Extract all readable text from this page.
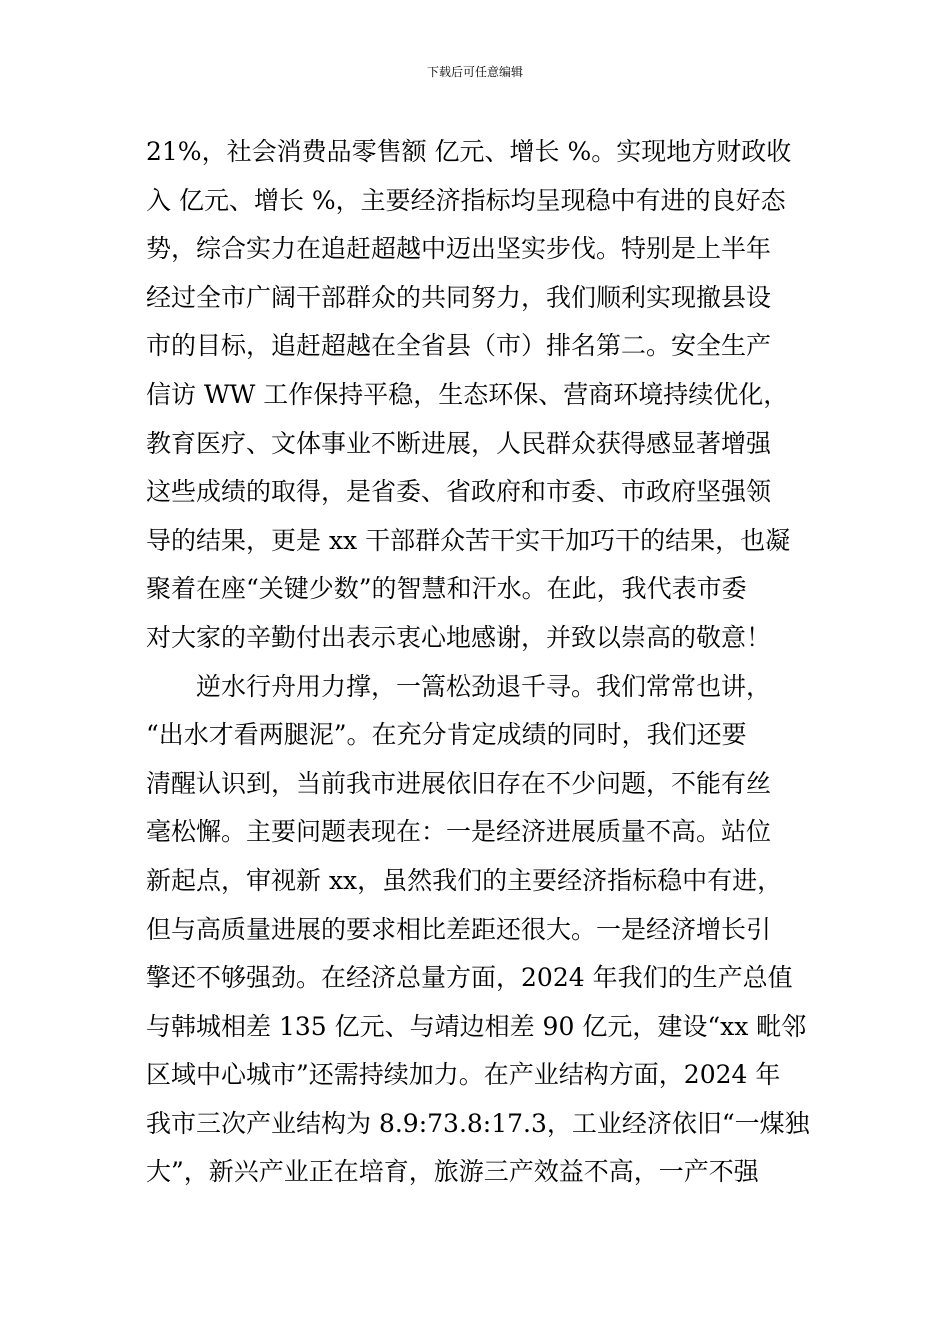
下载后可任意编辑
21%，社会消费品零售额 亿元、增长 %。实现地方财政收
入 亿元、增长 %，主要经济指标均呈现稳中有进的良好态
势，综合实力在追赶超越中迈出坚实步伐。特别是上半年
经过全市广阔干部群众的共同努力，我们顺利实现撤县设
市的目标，追赶超越在全省县（市）排名第二。安全生产
信访 WW 工作保持平稳，生态环保、营商环境持续优化，
教育医疗、文体事业不断进展，人民群众获得感显著增强
这些成绩的取得，是省委、省政府和市委、市政府坚强领
导的结果，更是 xx 干部群众苦干实干加巧干的结果，也凝
聚着在座“关键少数”的智慧和汗水。在此，我代表市委
对大家的辛勤付出表示衷心地感谢，并致以崇高的敬意！
逆水行舟用力撑，一篙松劲退千寻。我们常常也讲，
“出水才看两腿泥”。在充分肯定成绩的同时，我们还要
清醒认识到，当前我市进展依旧存在不少问题，不能有丝
毫松懈。主要问题表现在：一是经济进展质量不高。站位
新起点，审视新 xx，虽然我们的主要经济指标稳中有进，
但与高质量进展的要求相比差距还很大。一是经济增长引
擎还不够强劲。在经济总量方面，2024 年我们的生产总值
与韩城相差 135 亿元、与靖边相差 90 亿元，建设“xx 毗邻
区域中心城市”还需持续加力。在产业结构方面，2024 年
我市三次产业结构为 8.9:73.8:17.3，工业经济依旧“一煤独
大”，新兴产业正在培育，旅游三产效益不高，一产不强
